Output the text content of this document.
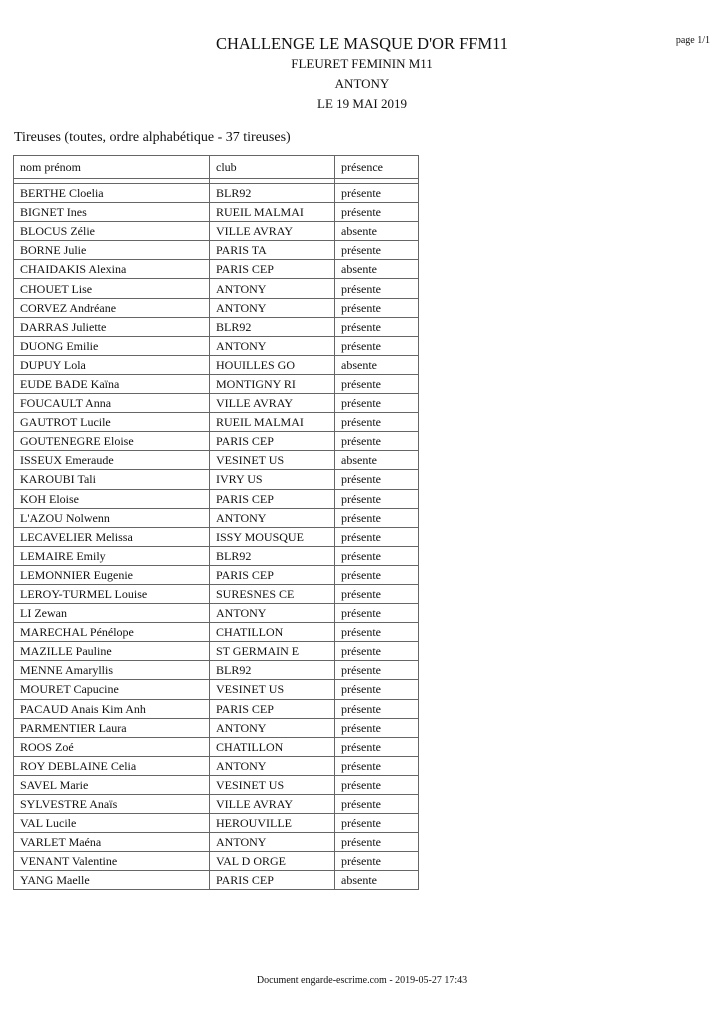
page 1/1
CHALLENGE LE MASQUE D'OR FFM11
FLEURET FEMININ M11
ANTONY
LE 19 MAI 2019
Tireuses (toutes, ordre alphabétique - 37 tireuses)
nom prénom	club	présence

BERTHE Cloelia	BLR92	présente
BIGNET Ines	RUEIL MALMAI	présente
BLOCUS Zélie	VILLE AVRAY	absente
BORNE Julie	PARIS TA	présente
CHAIDAKIS Alexina	PARIS CEP	absente
CHOUET Lise	ANTONY	présente
CORVEZ Andréane	ANTONY	présente
DARRAS Juliette	BLR92	présente
DUONG Emilie	ANTONY	présente
DUPUY Lola	HOUILLES GO	absente
EUDE BADE Kaïna	MONTIGNY RI	présente
FOUCAULT Anna	VILLE AVRAY	présente
GAUTROT Lucile	RUEIL MALMAI	présente
GOUTENEGRE Eloise	PARIS CEP	présente
ISSEUX Emeraude	VESINET US	absente
KAROUBI Tali	IVRY US	présente
KOH Eloise	PARIS CEP	présente
L'AZOU Nolwenn	ANTONY	présente
LECAVELIER Melissa	ISSY MOUSQUE	présente
LEMAIRE Emily	BLR92	présente
LEMONNIER Eugenie	PARIS CEP	présente
LEROY-TURMEL Louise	SURESNES CE	présente
LI Zewan	ANTONY	présente
MARECHAL Pénélope	CHATILLON	présente
MAZILLE Pauline	ST GERMAIN E	présente
MENNE Amaryllis	BLR92	présente
MOURET Capucine	VESINET US	présente
PACAUD Anais Kim Anh	PARIS CEP	présente
PARMENTIER Laura	ANTONY	présente
ROOS Zoé	CHATILLON	présente
ROY DEBLAINE Celia	ANTONY	présente
SAVEL Marie	VESINET US	présente
SYLVESTRE Anaïs	VILLE AVRAY	présente
VAL Lucile	HEROUVILLE	présente
VARLET Maéna	ANTONY	présente
VENANT Valentine	VAL D ORGE	présente
YANG Maelle	PARIS CEP	absente
Document engarde-escrime.com - 2019-05-27 17:43
